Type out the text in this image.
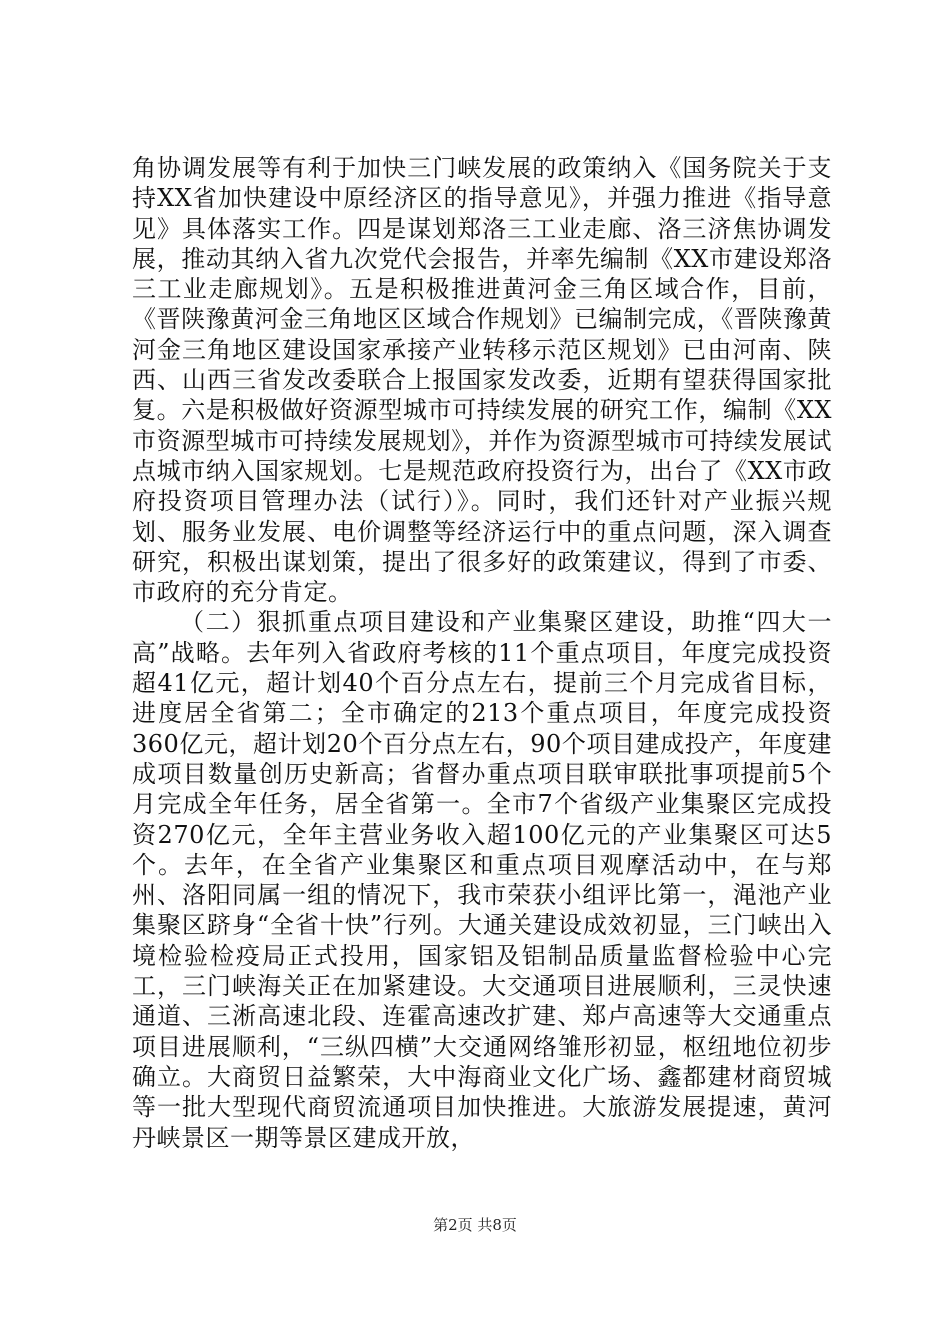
角协调发展等有利于加快三门峡发展的政策纳入《国务院关于支持XX省加快建设中原经济区的指导意见》，并强力推进《指导意见》具体落实工作。四是谋划郑洛三工业走廊、洛三济焦协调发展，推动其纳入省九次党代会报告，并率先编制《XX市建设郑洛三工业走廊规划》。五是积极推进黄河金三角区域合作，目前，《晋陕豫黄河金三角地区区域合作规划》已编制完成，《晋陕豫黄河金三角地区建设国家承接产业转移示范区规划》已由河南、陕西、山西三省发改委联合上报国家发改委，近期有望获得国家批复。六是积极做好资源型城市可持续发展的研究工作，编制《XX市资源型城市可持续发展规划》，并作为资源型城市可持续发展试点城市纳入国家规划。七是规范政府投资行为，出台了《XX市政府投资项目管理办法（试行）》。同时，我们还针对产业振兴规划、服务业发展、电价调整等经济运行中的重点问题，深入调查研究，积极出谋划策，提出了很多好的政策建议，得到了市委、市政府的充分肯定。

（二）狠抓重点项目建设和产业集聚区建设，助推“四大一高”战略。去年列入省政府考核的11个重点项目，年度完成投资超41亿元，超计划40个百分点左右，提前三个月完成省目标，进度居全省第二；全市确定的213个重点项目，年度完成投资360亿元，超计划20个百分点左右，90个项目建成投产，年度建成项目数量创历史新高；省督办重点项目联审联批事项提前5个月完成全年任务，居全省第一。全市7个省级产业集聚区完成投资270亿元，全年主营业务收入超100亿元的产业集聚区可达5个。去年，在全省产业集聚区和重点项目观摩活动中，在与郑州、洛阳同属一组的情况下，我市荣获小组评比第一，渑池产业集聚区跻身“全省十快”行列。大通关建设成效初显，三门峡出入境检验检疫局正式投用，国家铝及铝制品质量监督检验中心完工，三门峡海关正在加紧建设。大交通项目进展顺利，三灵快速通道、三淅高速北段、连霍高速改扩建、郑卢高速等大交通重点项目进展顺利，“三纵四横”大交通网络雏形初显，枢纽地位初步确立。大商贸日益繁荣，大中海商业文化广场、鑫都建材商贸城等一批大型现代商贸流通项目加快推进。大旅游发展提速，黄河丹峡景区一期等景区建成开放，

第2页 共8页
